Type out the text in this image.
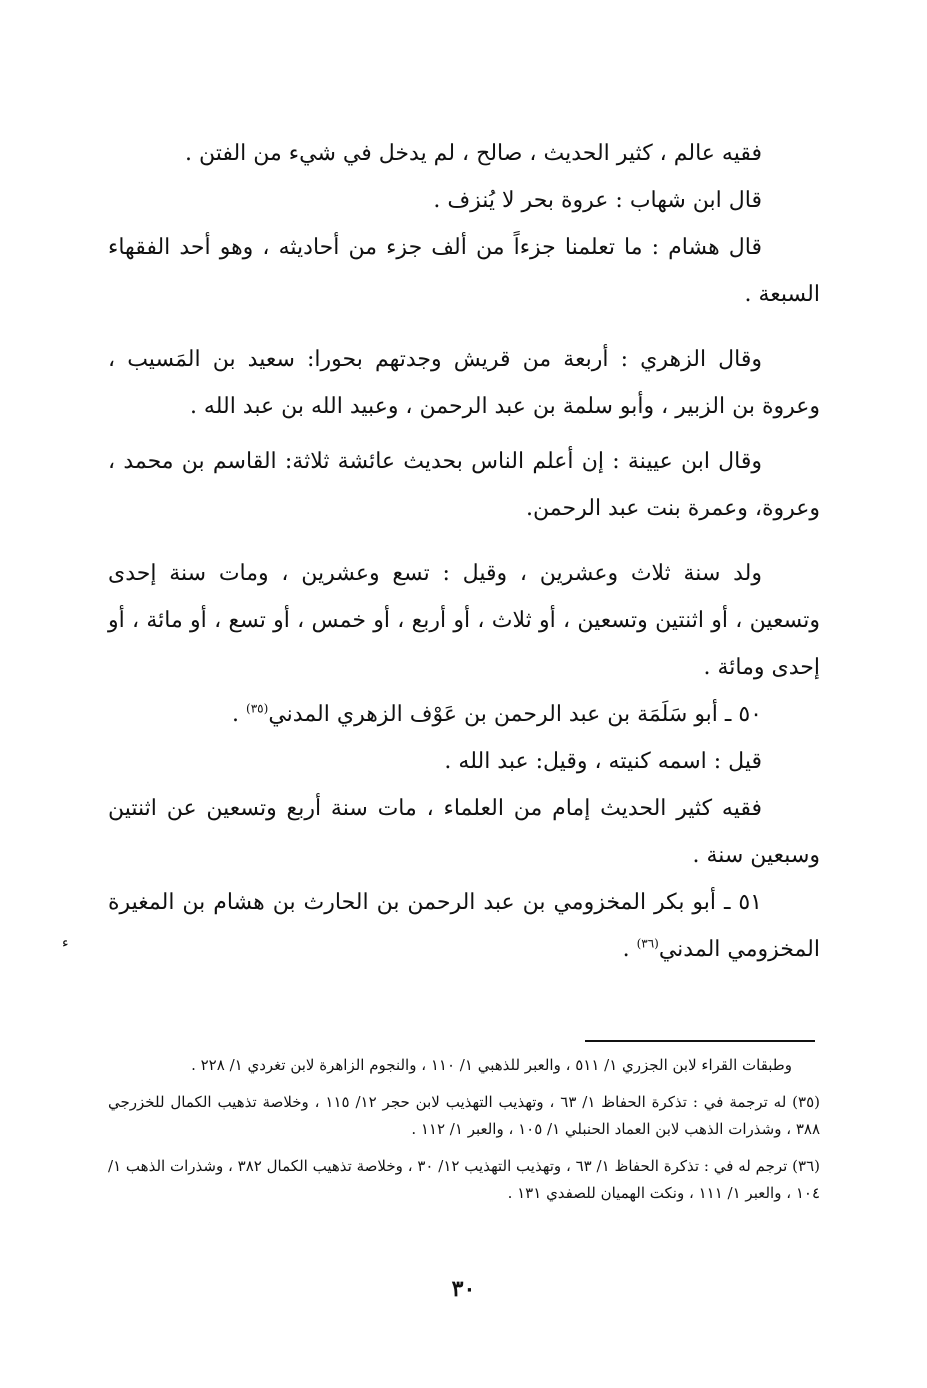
فقيه عالم ، كثير الحديث ، صالح ، لم يدخل في شيء من الفتن .

قال ابن شهاب : عروة بحر لا يُنزف .

قال هشام : ما تعلمنا جزءاً من ألف جزء من أحاديثه ، وهو أحد الفقهاء السبعة .

وقال الزهري : أربعة من قريش وجدتهم بحورا: سعيد بن المَسيب ، وعروة بن الزبير ، وأبو سلمة بن عبد الرحمن ، وعبيد الله بن عبد الله .

وقال ابن عيينة : إن أعلم الناس بحديث عائشة ثلاثة: القاسم بن محمد ، وعروة، وعمرة بنت عبد الرحمن.

ولد سنة ثلاث وعشرين ، وقيل : تسع وعشرين ، ومات سنة إحدى وتسعين ، أو اثنتين وتسعين ، أو ثلاث ، أو أربع ، أو خمس ، أو تسع ، أو مائة ، أو إحدى ومائة .

٥٠ ـ أبو سَلَمَة بن عبد الرحمن بن عَوْف الزهري المدني$^{(٣٥)}$ .

قيل : اسمه كنيته ، وقيل: عبد الله .

فقيه كثير الحديث إمام من العلماء ، مات سنة أربع وتسعين عن اثنتين وسبعين سنة .

٥١ ـ أبو بكر المخزومي بن عبد الرحمن بن الحارث بن هشام بن المغيرة المخزومي المدني$^{(٣٦)}$ .

ء

وطبقات القراء لابن الجزري ١/ ٥١١ ، والعبر للذهبي ١/ ١١٠ ، والنجوم الزاهرة لابن تغردي ١/ ٢٢٨ .

(٣٥) له ترجمة في : تذكرة الحفاظ ١/ ٦٣ ، وتهذيب التهذيب لابن حجر ١٢/ ١١٥ ، وخلاصة تذهيب الكمال للخزرجي ٣٨٨ ، وشذرات الذهب لابن العماد الحنبلي ١/ ١٠٥ ، والعبر ١/ ١١٢ .

(٣٦) ترجم له في : تذكرة الحفاظ ١/ ٦٣ ، وتهذيب التهذيب ١٢/ ٣٠ ، وخلاصة تذهيب الكمال ٣٨٢ ، وشذرات الذهب ١/ ١٠٤ ، والعبر ١/ ١١١ ، ونكت الهميان للصفدي ١٣١ .

٣٠
